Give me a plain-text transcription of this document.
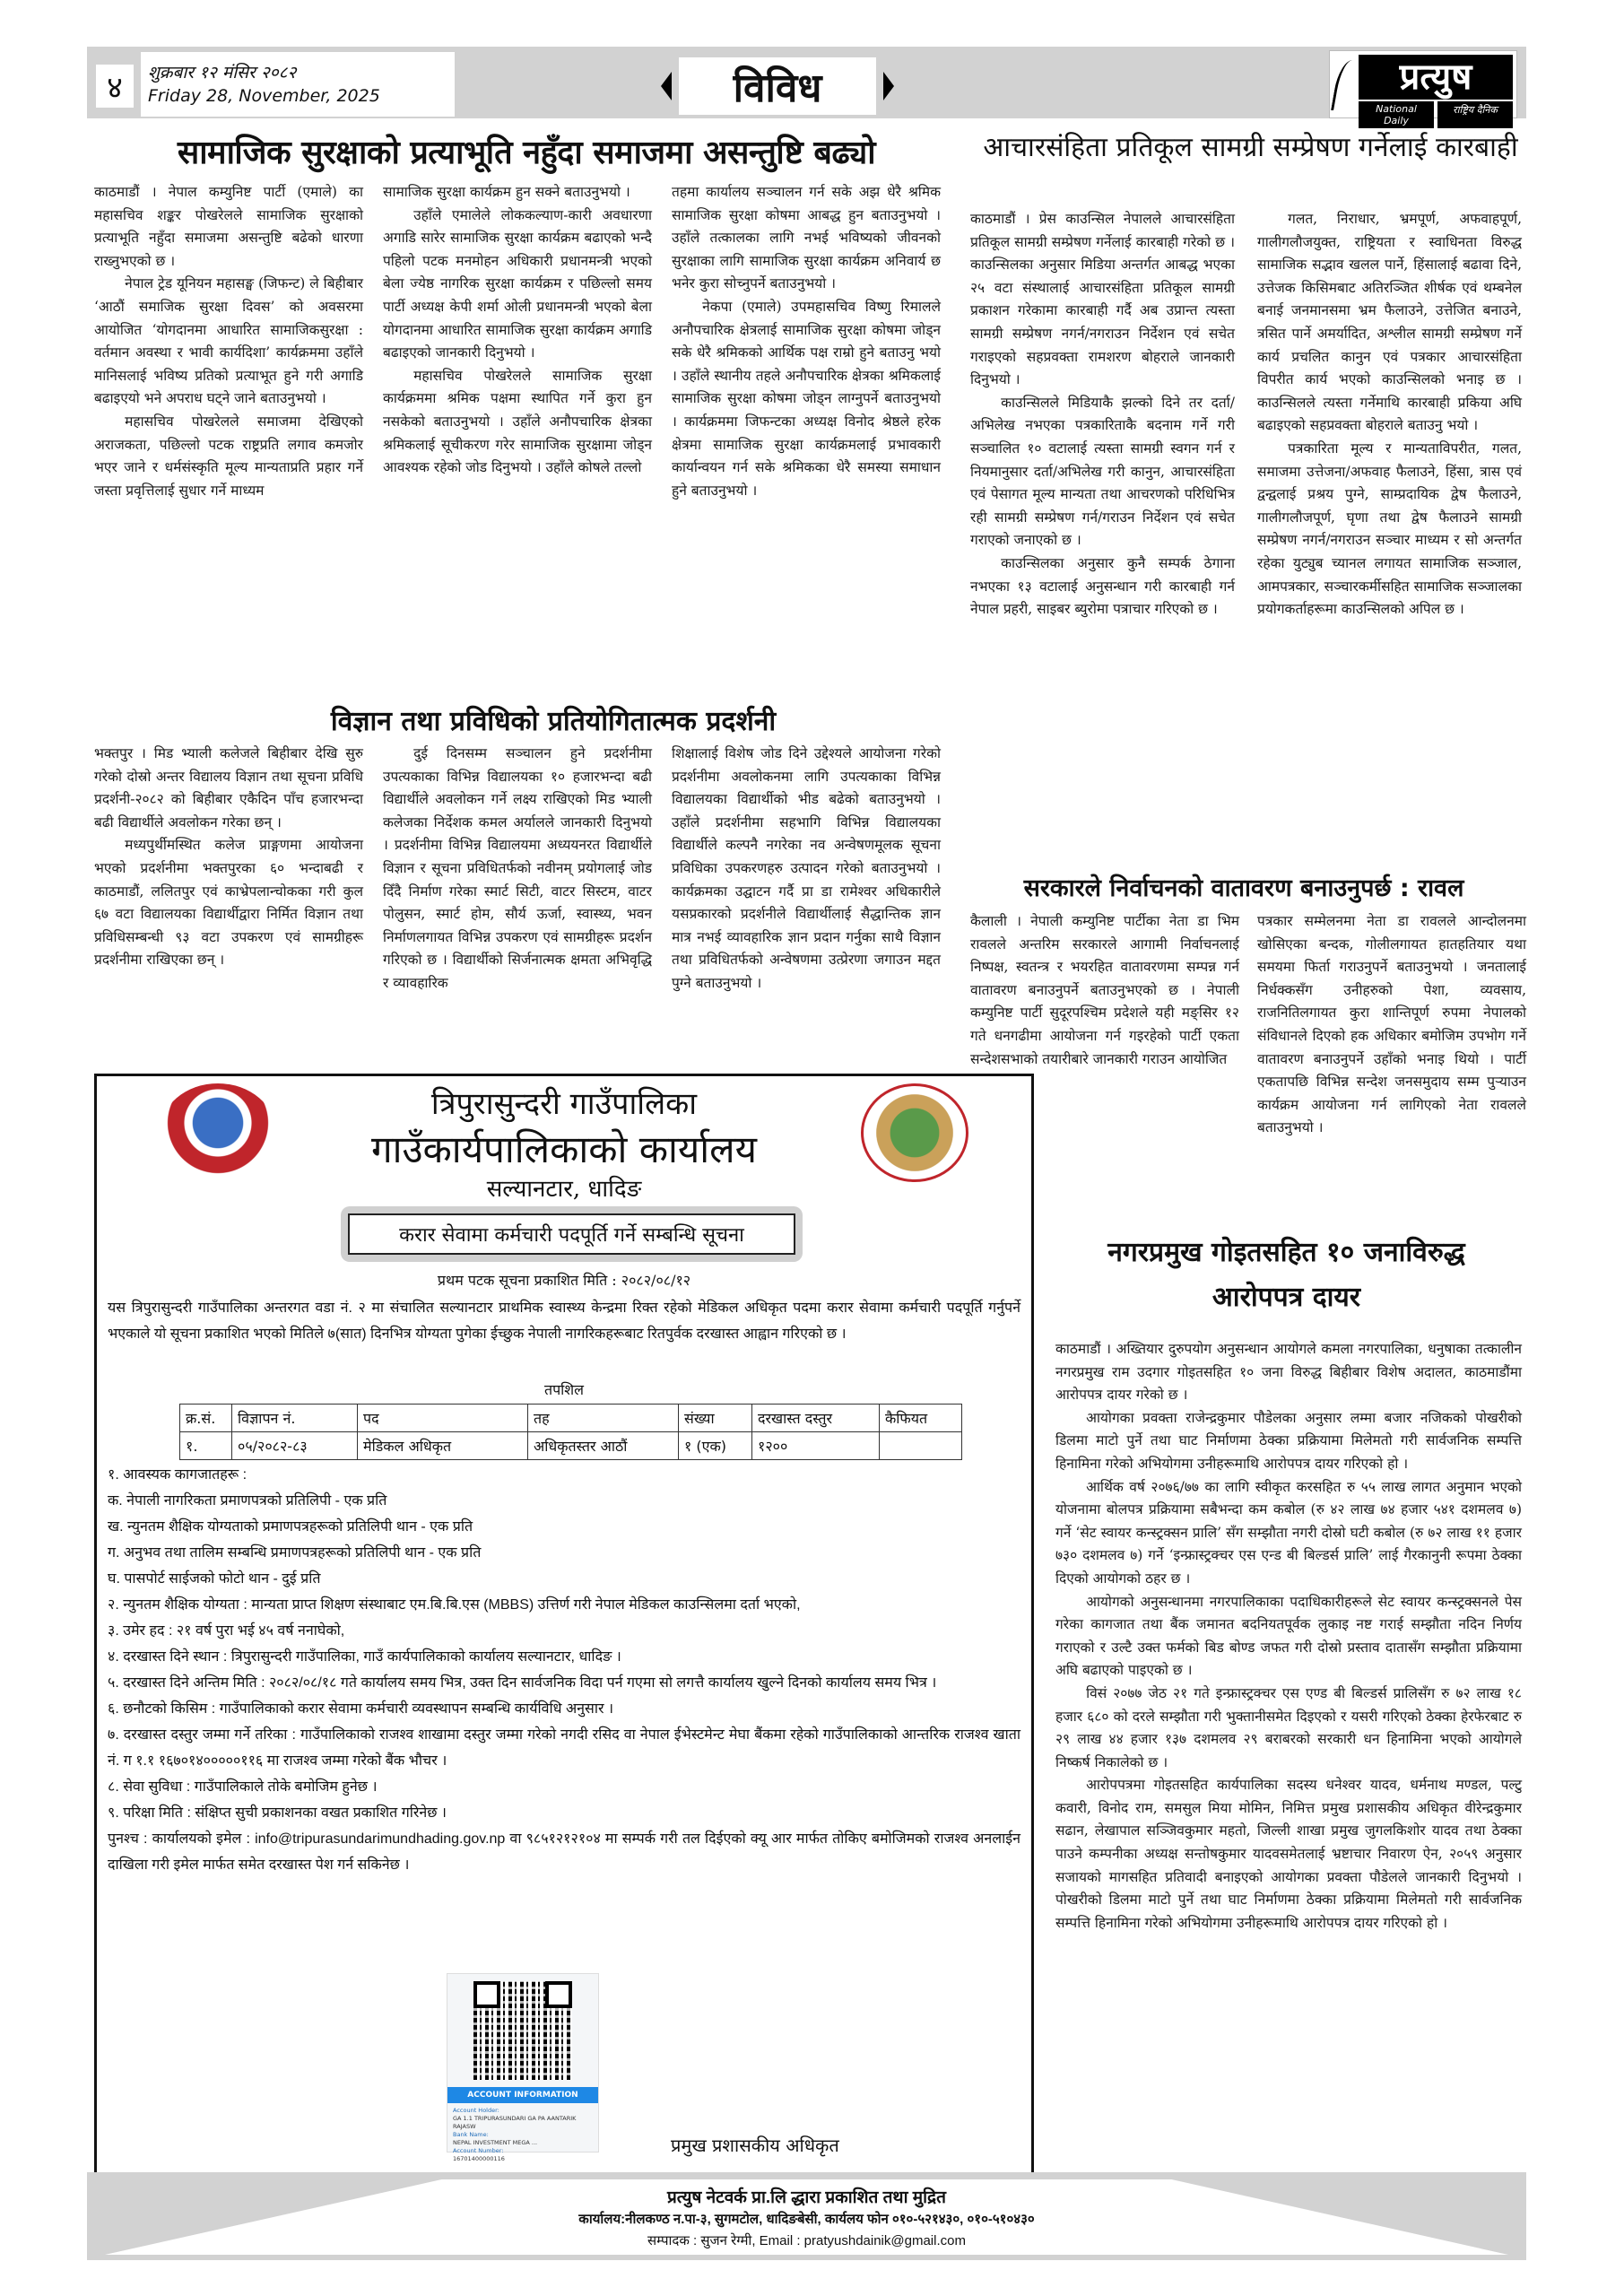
४	शुक्रबार १२ मंसिर २०८२
Friday 28, November, 2025	विविध	प्रत्युष
National Daily
राष्ट्रिय दैनिक
सामाजिक सुरक्षाको प्रत्याभूति नहुँदा समाजमा असन्तुष्टि बढ्यो

काठमाडौं । नेपाल कम्युनिष्ट पार्टी (एमाले) का महासचिव शङ्कर पोखरेलले सामाजिक सुरक्षाको प्रत्याभूति नहुँदा समाजमा असन्तुष्टि बढेको धारणा राख्नुभएको छ ।

नेपाल ट्रेड यूनियन महासङ्घ (जिफन्ट) ले बिहीबार ‘आठौं समाजिक सुरक्षा दिवस’ को अवसरमा आयोजित ‘योगदानमा आधारित सामाजिकसुरक्षा : वर्तमान अवस्था र भावी कार्यदिशा’ कार्यक्रममा उहाँले मानिसलाई भविष्य प्रतिको प्रत्याभूत हुने गरी अगाडि बढाइएयो भने अपराध घट्ने जाने बताउनुभयो ।

महासचिव पोखरेलले समाजमा देखिएको अराजकता, पछिल्लो पटक राष्ट्रप्रति लगाव कमजोर भएर जाने र धर्मसंस्कृति मूल्य मान्यताप्रति प्रहार गर्ने जस्ता प्रवृत्तिलाई सुधार गर्ने माध्यम

सामाजिक सुरक्षा कार्यक्रम हुन सक्ने बताउनुभयो ।

उहाँले एमालेले लोककल्याण-कारी अवधारणा अगाडि सारेर सामाजिक सुरक्षा कार्यक्रम बढाएको भन्दै पहिलो पटक मनमोहन अधिकारी प्रधानमन्त्री भएको बेला ज्येष्ठ नागरिक सुरक्षा कार्यक्रम र पछिल्लो समय पार्टी अध्यक्ष केपी शर्मा ओली प्रधानमन्त्री भएको बेला योगदानमा आधारित सामाजिक सुरक्षा कार्यक्रम अगाडि बढाइएको जानकारी दिनुभयो ।

महासचिव पोखरेलले सामाजिक सुरक्षा कार्यक्रममा श्रमिक पक्षमा स्थापित गर्ने कुरा हुन नसकेको बताउनुभयो । उहाँले अनौपचारिक क्षेत्रका श्रमिकलाई सूचीकरण गरेर सामाजिक सुरक्षामा जोड्न आवश्यक रहेको जोड दिनुभयो । उहाँले कोषले तल्लो

तहमा कार्यालय सञ्चालन गर्न सके अझ धेरै श्रमिक सामाजिक सुरक्षा कोषमा आबद्ध हुन बताउनुभयो । उहाँले तत्कालका लागि नभई भविष्यको जीवनको सुरक्षाका लागि सामाजिक सुरक्षा कार्यक्रम अनिवार्य छ भनेर कुरा सोच्नुपर्ने बताउनुभयो ।

नेकपा (एमाले) उपमहासचिव विष्णु रिमालले अनौपचारिक क्षेत्रलाई सामाजिक सुरक्षा कोषमा जोड्न सके धेरै श्रमिकको आर्थिक पक्ष राम्रो हुने बताउनु भयो । उहाँले स्थानीय तहले अनौपचारिक क्षेत्रका श्रमिकलाई सामाजिक सुरक्षा कोषमा जोड्न लाग्नुपर्ने बताउनुभयो । कार्यक्रममा जिफन्टका अध्यक्ष विनोद श्रेष्ठले हरेक क्षेत्रमा सामाजिक सुरक्षा कार्यक्रमलाई प्रभावकारी कार्यान्वयन गर्न सके श्रमिकका धेरै समस्या समाधान हुने बताउनुभयो ।

आचारसंहिता प्रतिकूल सामग्री सम्प्रेषण गर्नेलाई कारबाही

काठमाडौं । प्रेस काउन्सिल नेपालले आचारसंहिता प्रतिकूल सामग्री सम्प्रेषण गर्नेलाई कारबाही गरेको छ । काउन्सिलका अनुसार मिडिया अन्तर्गत आबद्ध भएका २५ वटा संस्थालाई आचारसंहिता प्रतिकूल सामग्री प्रकाशन गरेकामा कारबाही गर्दै अब उप्रान्त त्यस्ता सामग्री सम्प्रेषण नगर्न/नगराउन निर्देशन एवं सचेत गराइएको सहप्रवक्ता रामशरण बोहराले जानकारी दिनुभयो ।

काउन्सिलले मिडियाकै झल्को दिने तर दर्ता/अभिलेख नभएका पत्रकारिताकै बदनाम गर्ने गरी सञ्चालित १० वटालाई त्यस्ता सामग्री स्वगन गर्न र नियमानुसार दर्ता/अभिलेख गरी कानुन, आचारसंहिता एवं पेसागत मूल्य मान्यता तथा आचरणको परिधिभित्र रही सामग्री सम्प्रेषण गर्न/गराउन निर्देशन एवं सचेत गराएको जनाएको छ ।

काउन्सिलका अनुसार कुनै सम्पर्क ठेगाना नभएका १३ वटालाई अनुसन्धान गरी कारबाही गर्न नेपाल प्रहरी, साइबर ब्युरोमा पत्राचार गरिएको छ ।

गलत, निराधार, भ्रमपूर्ण, अफवाहपूर्ण, गालीगलौजयुक्त, राष्ट्रियता र स्वाधिनता विरुद्ध सामाजिक सद्भाव खलल पार्ने, हिंसालाई बढावा दिने, उत्तेजक किसिमबाट अतिरञ्जित शीर्षक एवं थम्बनेल बनाई जनमानसमा भ्रम फैलाउने, उत्तेजित बनाउने, त्रसित पार्ने अमर्यादित, अश्लील सामग्री सम्प्रेषण गर्ने कार्य प्रचलित कानुन एवं पत्रकार आचारसंहिता विपरीत कार्य भएको काउन्सिलको भनाइ छ । काउन्सिलले त्यस्ता गर्नेमाथि कारबाही प्रकिया अघि बढाइएको सहप्रवक्ता बोहराले बताउनु भयो ।

पत्रकारिता मूल्य र मान्यताविपरीत, गलत, समाजमा उत्तेजना/अफवाह फैलाउने, हिंसा, त्रास एवं द्वन्द्वलाई प्रश्रय पुग्ने, साम्प्रदायिक द्वेष फैलाउने, गालीगलौजपूर्ण, घृणा तथा द्वेष फैलाउने सामग्री सम्प्रेषण नगर्न/नगराउन सञ्चार माध्यम र सो अन्तर्गत रहेका युट्युब च्यानल लगायत सामाजिक सञ्जाल, आमपत्रकार, सञ्चारकर्मीसहित सामाजिक सञ्जालका प्रयोगकर्ताहरूमा काउन्सिलको अपिल छ ।

विज्ञान तथा प्रविधिको प्रतियोगितात्मक प्रदर्शनी

भक्तपुर । मिड भ्याली कलेजले बिहीबार देखि सुरु गरेको दोस्रो अन्तर विद्यालय विज्ञान तथा सूचना प्रविधि प्रदर्शनी-२०८२ को बिहीबार एकैदिन पाँच हजारभन्दा बढी विद्यार्थीले अवलोकन गरेका छन् ।

मध्यपुर्थीमस्थित कलेज प्राङ्गणमा आयोजना भएको प्रदर्शनीमा भक्तपुरका ६० भन्दाबढी र काठमाडौं, ललितपुर एवं काभ्रेपलान्चोकका गरी कुल ६७ वटा विद्यालयका विद्यार्थीद्वारा निर्मित विज्ञान तथा प्रविधिसम्बन्धी ९३ वटा उपकरण एवं सामग्रीहरू प्रदर्शनीमा राखिएका छन् ।

दुई दिनसम्म सञ्चालन हुने प्रदर्शनीमा उपत्यकाका विभिन्न विद्यालयका १० हजारभन्दा बढी विद्यार्थीले अवलोकन गर्ने लक्ष्य राखिएको मिड भ्याली कलेजका निर्देशक कमल अर्यालले जानकारी दिनुभयो । प्रदर्शनीमा विभिन्न विद्यालयमा अध्ययनरत विद्यार्थीले विज्ञान र सूचना प्रविधितर्फको नवीनम् प्रयोगलाई जोड दिँदै निर्माण गरेका स्मार्ट सिटी, वाटर सिस्टम, वाटर पोलुसन, स्मार्ट होम, सौर्य ऊर्जा, स्वास्थ्य, भवन निर्माणलगायत विभिन्न उपकरण एवं सामग्रीहरू प्रदर्शन गरिएको छ । विद्यार्थीको सिर्जनात्मक क्षमता अभिवृद्धि र व्यावहारिक

शिक्षालाई विशेष जोड दिने उद्देश्यले आयोजना गरेको प्रदर्शनीमा अवलोकनमा लागि उपत्यकाका विभिन्न विद्यालयका विद्यार्थीको भीड बढेको बताउनुभयो । उहाँले प्रदर्शनीमा सहभागि विभिन्न विद्यालयका विद्यार्थीले कल्पनै नगरेका नव अन्वेषणमूलक सूचना प्रविधिका उपकरणहरु उत्पादन गरेको बताउनुभयो । कार्यक्रमका उद्घाटन गर्दै प्रा डा रामेश्वर अधिकारीले यसप्रकारको प्रदर्शनीले विद्यार्थीलाई सैद्धान्तिक ज्ञान मात्र नभई व्यावहारिक ज्ञान प्रदान गर्नुका साथै विज्ञान तथा प्रविधितर्फको अन्वेषणमा उत्प्रेरणा जगाउन मद्दत पुग्ने बताउनुभयो ।

सरकारले निर्वाचनको वातावरण बनाउनुपर्छ : रावल

कैलाली । नेपाली कम्युनिष्ट पार्टीका नेता डा भिम रावलले अन्तरिम सरकारले आगामी निर्वाचनलाई निष्पक्ष, स्वतन्त्र र भयरहित वातावरणमा सम्पन्न गर्न वातावरण बनाउनुपर्ने बताउनुभएको छ । नेपाली कम्युनिष्ट पार्टी सुदूरपश्चिम प्रदेशले यही मङ्सिर १२ गते धनगढीमा आयोजना गर्न गइरहेको पार्टी एकता सन्देशसभाको तयारीबारे जानकारी गराउन आयोजित

पत्रकार सम्मेलनमा नेता डा रावलले आन्दोलनमा खोसिएका बन्दक, गोलीलगायत हातहतियार यथा समयमा फिर्ता गराउनुपर्ने बताउनुभयो । जनतालाई निर्धक्कसँग उनीहरुको पेशा, व्यवसाय, राजनितिलगायत कुरा शान्तिपूर्ण रुपमा नेपालको संविधानले दिएको हक अधिकार बमोजिम उपभोग गर्ने वातावरण बनाउनुपर्ने उहाँको भनाइ थियो । पार्टी एकतापछि विभिन्न सन्देश जनसमुदाय सम्म पुऱ्याउन कार्यक्रम आयोजना गर्न लागिएको नेता रावलले बताउनुभयो ।

नगरप्रमुख गोइतसहित १० जनाविरुद्ध
आरोपपत्र दायर

काठमाडौं । अख्तियार दुरुपयोग अनुसन्धान आयोगले कमला नगरपालिका, धनुषाका तत्कालीन नगरप्रमुख राम उदगार गोइतसहित १० जना विरुद्ध बिहीबार विशेष अदालत, काठमाडौंमा आरोपपत्र दायर गरेको छ ।

आयोगका प्रवक्ता राजेन्द्रकुमार पौडेलका अनुसार लम्मा बजार नजिकको पोखरीको डिलमा माटो पुर्ने तथा घाट निर्माणमा ठेक्का प्रक्रियामा मिलेमतो गरी सार्वजनिक सम्पत्ति हिनामिना गरेको अभियोगमा उनीहरूमाथि आरोपपत्र दायर गरिएको हो ।

आर्थिक वर्ष २०७६/७७ का लागि स्वीकृत करसहित रु ५५ लाख लागत अनुमान भएको योजनामा बोलपत्र प्रक्रियामा सबैभन्दा कम कबोल (रु ४२ लाख ७४ हजार ५४१ दशमलव ७) गर्ने ‘सेट स्वायर कन्स्ट्रक्सन प्रालि’ सँग सम्झौता नगरी दोस्रो घटी कबोल (रु ७२ लाख ११ हजार ७३० दशमलव ७) गर्ने ‘इन्फ्रास्ट्रक्चर एस एन्ड बी बिल्डर्स प्रालि’ लाई गैरकानुनी रूपमा ठेक्का दिएको आयोगको ठहर छ ।

आयोगको अनुसन्धानमा नगरपालिकाका पदाधिकारीहरूले सेट स्वायर कन्स्ट्रक्सनले पेस गरेका कागजात तथा बैंक जमानत बदनियतपूर्वक लुकाइ नष्ट गराई सम्झौता नदिन निर्णय गराएको र उल्टै उक्त फर्मको बिड बोण्ड जफत गरी दोस्रो प्रस्ताव दातासँग सम्झौता प्रक्रियामा अघि बढाएको पाइएको छ ।

विसं २०७७ जेठ २१ गते इन्फ्रास्ट्रक्चर एस एण्ड बी बिल्डर्स प्रालिसँग रु ७२ लाख १८ हजार ६८० को दरले सम्झौता गरी भुक्तानीसमेत दिइएको र यसरी गरिएको ठेक्का हेरफेरबाट रु २९ लाख ४४ हजार १३७ दशमलव २९ बराबरको सरकारी धन हिनामिना भएको आयोगले निष्कर्ष निकालेको छ ।

आरोपपत्रमा गोइतसहित कार्यपालिका सदस्य धनेश्वर यादव, धर्मनाथ मण्डल, पल्टु कवारी, विनोद राम, समसुल मिया मोमिन, निमित्त प्रमुख प्रशासकीय अधिकृत वीरेन्द्रकुमार सढान, लेखापाल सञ्जिवकुमार महतो, जिल्ली शाखा प्रमुख जुगलकिशोर यादव तथा ठेक्का पाउने कम्पनीका अध्यक्ष सन्तोषकुमार यादवसमेतलाई भ्रष्टाचार निवारण ऐन, २०५९ अनुसार सजायको मागसहित प्रतिवादी बनाइएको आयोगका प्रवक्ता पौडेलले जानकारी दिनुभयो । पोखरीको डिलमा माटो पुर्ने तथा घाट निर्माणमा ठेक्का प्रक्रियामा मिलेमतो गरी सार्वजनिक सम्पत्ति हिनामिना गरेको अभियोगमा उनीहरूमाथि आरोपपत्र दायर गरिएको हो ।

त्रिपुरासुन्दरी गाउँपालिका
गाउँकार्यपालिकाको कार्यालय
सल्यानटार, धादिङ
करार सेवामा कर्मचारी पदपूर्ति गर्ने सम्बन्धि सूचना
प्रथम पटक सूचना प्रकाशित मिति : २०८२/०८/१२
यस त्रिपुरासुन्दरी गाउँपालिका अन्तरगत वडा नं. २ मा संचालित सल्यानटार प्राथमिक स्वास्थ्य केन्द्रमा रिक्त रहेको मेडिकल अधिकृत पदमा करार सेवामा कर्मचारी पदपूर्ति गर्नुपर्ने भएकाले यो सूचना प्रकाशित भएको मितिले ७(सात) दिनभित्र योग्यता पुगेका ईच्छुक नेपाली नागरिकहरूबाट रितपुर्वक दरखास्त आह्वान गरिएको छ ।
तपशिल
क्र.सं.	विज्ञापन नं.	पद	तह	संख्या	दरखास्त दस्तुर	कैफियत
१.	०५/२०८२-८३	मेडिकल अधिकृत	अधिकृतस्तर आठौं	१ (एक)	१२००	
१. आवस्यक कागजातहरू :
क. नेपाली नागरिकता प्रमाणपत्रको प्रतिलिपी - एक प्रति
ख. न्युनतम शैक्षिक योग्यताको प्रमाणपत्रहरूको प्रतिलिपी थान - एक प्रति
ग. अनुभव तथा तालिम सम्बन्धि प्रमाणपत्रहरूको प्रतिलिपी थान - एक प्रति
घ. पासपोर्ट साईजको फोटो थान - दुई प्रति
२. न्युनतम शैक्षिक योग्यता : मान्यता प्राप्त शिक्षण संस्थाबाट एम.बि.बि.एस (MBBS) उत्तिर्ण गरी नेपाल मेडिकल काउन्सिलमा दर्ता भएको,
३. उमेर हद : २१ वर्ष पुरा भई ४५ वर्ष ननाघेको,
४. दरखास्त दिने स्थान : त्रिपुरासुन्दरी गाउँपालिका, गाउँ कार्यपालिकाको कार्यालय सल्यानटार, धादिङ ।
५. दरखास्त दिने अन्तिम मिति : २०८२/०८/१८ गते कार्यालय समय भित्र, उक्त दिन सार्वजनिक विदा पर्न गएमा सो लगत्तै कार्यालय खुल्ने दिनको कार्यालय समय भित्र ।
६. छनौटको किसिम : गाउँपालिकाको करार सेवामा कर्मचारी व्यवस्थापन सम्बन्धि कार्यविधि अनुसार ।
७. दरखास्त दस्तुर जम्मा गर्ने तरिका : गाउँपालिकाको राजश्व शाखामा दस्तुर जम्मा गरेको नगदी रसिद वा नेपाल ईभेस्टमेन्ट मेघा बैंकमा रहेको गाउँपालिकाको आन्तरिक राजश्व खाता नं. ग १.१ १६७०१४०००००११६ मा राजश्व जम्मा गरेको बैंक भौचर ।
८. सेवा सुविधा : गाउँपालिकाले तोके बमोजिम हुनेछ ।
९. परिक्षा मिति : संक्षिप्त सुची प्रकाशनका वखत प्रकाशित गरिनेछ ।
पुनश्च : कार्यालयको इमेल : info@tripurasundarimundhading.gov.np वा ९८५१२१२१०४ मा सम्पर्क गरी तल दिईएको क्यू आर मार्फत तोकिए बमोजिमको राजश्व अनलाईन दाखिला गरी इमेल मार्फत समेत दरखास्त पेश गर्न सकिनेछ ।
ACCOUNT INFORMATION
Account Holder:
GA 1.1 TRIPURASUNDARI GA PA AANTARIK RAJASW
Bank Name:
NEPAL INVESTMENT MEGA ...
Account Number:
16701400000116
प्रमुख प्रशासकीय अधिकृत
प्रत्युष नेटवर्क प्रा.लि द्धारा प्रकाशित तथा मुद्रित
कार्यालय:नीलकण्ठ न.पा-३, सुगमटोल, धादिङबेसी, कार्यलय फोन ०१०-५२१४३०, ०१०-५१०४३०
सम्पादक : सुजन रेग्मी, Email : pratyushdainik@gmail.com
